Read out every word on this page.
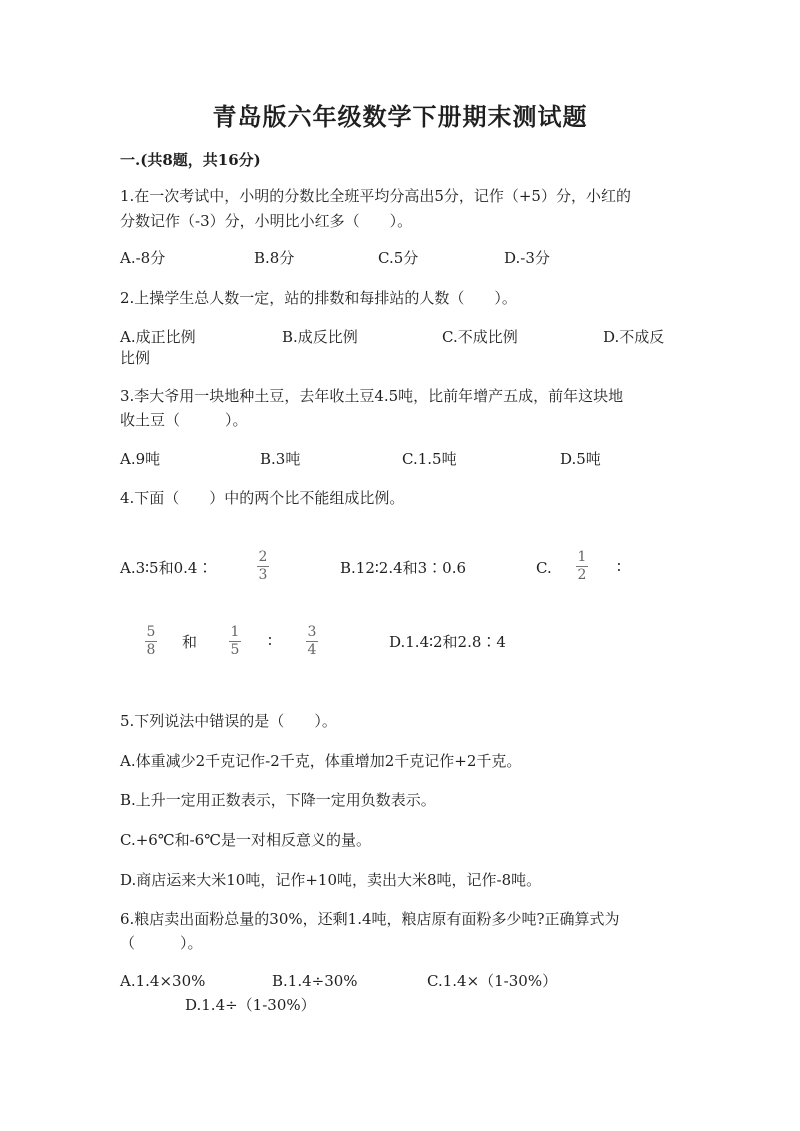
青岛版六年级数学下册期末测试题
一.(共8题，共16分)
1.在一次考试中，小明的分数比全班平均分高出5分，记作（+5）分，小红的
分数记作（-3）分，小明比小红多（　　）。
A.-8分	B.8分	C.5分	D.-3分
2.上操学生总人数一定，站的排数和每排站的人数（　　）。
A.成正比例	B.成反比例	C.不成比例	D.不成反
比例
3.李大爷用一块地种土豆，去年收土豆4.5吨，比前年增产五成，前年这块地
收土豆（　　　）。
A.9吨	B.3吨	C.1.5吨	D.5吨
4.下面（　　）中的两个比不能组成比例。
A.3∶5和0.4∶
2
3	B.12∶2.4和3∶0.6	C.
1
2 ∶
5
8 和
1
5 ∶	3
4	D.1.4∶2和2.8∶4
5.下列说法中错误的是（　　）。
A.体重减少2千克记作-2千克，体重增加2千克记作+2千克。
B.上升一定用正数表示，下降一定用负数表示。
C.+6℃和-6℃是一对相反意义的量。
D.商店运来大米10吨，记作+10吨，卖出大米8吨，记作-8吨。
6.粮店卖出面粉总量的30%，还剩1.4吨，粮店原有面粉多少吨?正确算式为
（　　　）。
A.1.4×30%	B.1.4÷30%	C.1.4×（1-30%）
D.1.4÷（1-30%）
